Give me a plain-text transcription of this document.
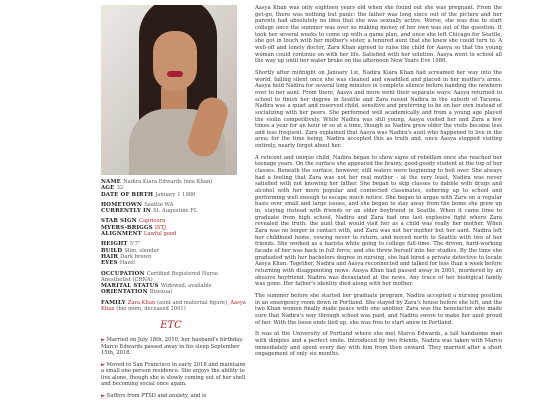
NAME Nadira Kiara Edwards (née Khan)
AGE 32
DATE OF BIRTH January 1 1986
HOMETOWN Seattle WA
CURRENTLY IN St. Augustine FL
STAR SIGN Capricorn
MYERS-BRIGGS ISTJ
ALIGNMENT Lawful good
HEIGHT 5'7"
BUILD Slim, slender
HAIR Dark brown
EYES Hazel
OCCUPATION Certified Registered Nurse Anesthetist (CRNA)
MARITAL STATUS Widowed, available
ORIENTATION Bisexual
FAMILY Zara Khan (aunt and maternal figure), Aasya Khan (bio mom, deceased 2001)
ETC

► Married on July 18th, 2010, her husband's birthday. Marco Edwards passed away in his sleep September 15th, 2018.

► Moved to San Francisco in early 2018 and maintains a small one-person residence. She enjoys the ability to live alone, though she is slowly coming out of her shell and becoming social once again.

► Suffers from PTSD and anxiety, and is

Aasya Khan was only eighteen years old when she found out she was pregnant. From the get-go, there was nothing but panic: the father was long since out of the picture and her parents had absolutely no idea that she was sexually active. Worse, she was due to start college once the summer was over so making money of her own was out of the question. It took her several weeks to come up with a game plan, and once she left Chicago for Seattle, she got in touch with her mother's sister, a tenured aunt that she knew she could turn to. A well-off and lonely doctor, Zara Khan agreed to raise the child for Aasya so that the young woman could continue on with her life. Satisfied with her solution, Aasya went to school all the way up until her water broke on the afternoon New Years Eve 1986.

Shortly after midnight on January 1st, Nadira Kiara Khan had screamed her way into the world, falling silent once she was cleaned and swaddled and placed in her mother's arms. Aasya held Nadira for several long minutes in complete silence before handing the newborn over to her aunt. From there, Aasya and more went their separate ways: Aasya returned to school to finish her degree in Seattle and Zara raised Nadira in the suburb of Tacoma. Nadira was a quiet and reserved child, sensitive and preferring to be on her own instead of socializing with her peers. She performed well academically and from a young age played the violin competitively. While Nadira was still young, Aasya visited her and Zara a few times a year for an hour or so at a time, though as Nadira grew older the visits became less and less frequent. Zara explained that Aasya was Nadira's aunt who happened to live in the area; for the time being, Nadira accepted this as truth and, once Aasya stopped visiting entirely, nearly forgot about her.

A reticent and unique child, Nadira began to show signs of rebellion once she reached her teenage years. On the surface she appeared the brainy, good-goody student at the top of her classes. Beneath the surface, however, still waters were beginning to boil over. She always had a feeling that Zara was not her real mother - at the very least, Nadira was never satisfied with not knowing her father. She began to skip classes to dabble with drugs and alcohol with her more popular and connected classmates, sobering up to school and performing well enough to escape much notice. She began to argue with Zara on a regular basis over small and large issues, and she began to stay away from the home she grew up in, staying instead with friends or an older boyfriend in Seattle. When it came time to graduate from high school, Nadira and Zara had one last explosive fight where Zara revealed the truth: the aunt that would visit her as a child was really her mother. When Zara was no longer in contact with, and Zara was not her mother but her aunt. Nadira left her childhood home, vowing never to return, and moved north to Seattle with two of her friends. She worked as a barista while going to college full-time. The driven, hard-working facade of her was back in full force, and she threw herself into her studies. By the time she graduated with her bachelors degree in nursing, she had hired a private detective to locate Aasya Khan. Together, Nadira and Aasya reconnected and talked for less than a week before returning with disappointing news: Aasya Khan had passed away in 2001, murdered by an abusive boyfriend. Nadira was devastated at the news. Any trace of her biological family was gone. Her father's identity died along with her mother.

The summer before she started her graduate program, Nadira accepted a nursing position in an emergency room down in Portland. She stayed by Zara's house before she left, and the two Khan women finally made peace with one another. Zara was the benefactor who made sure that Nadira's way through school was paid, and Nadira swore to make her aunt proud of her. With the loose ends tied up, she was free to start anew in Portland.

It was at the University of Portland where she met Marco Edwards, a tall handsome man with dimples and a perfect smile. Introduced by two friends, Nadira was taken with Marco immediately and spent every day with him from then onward. They married after a short engagement of only six months.
